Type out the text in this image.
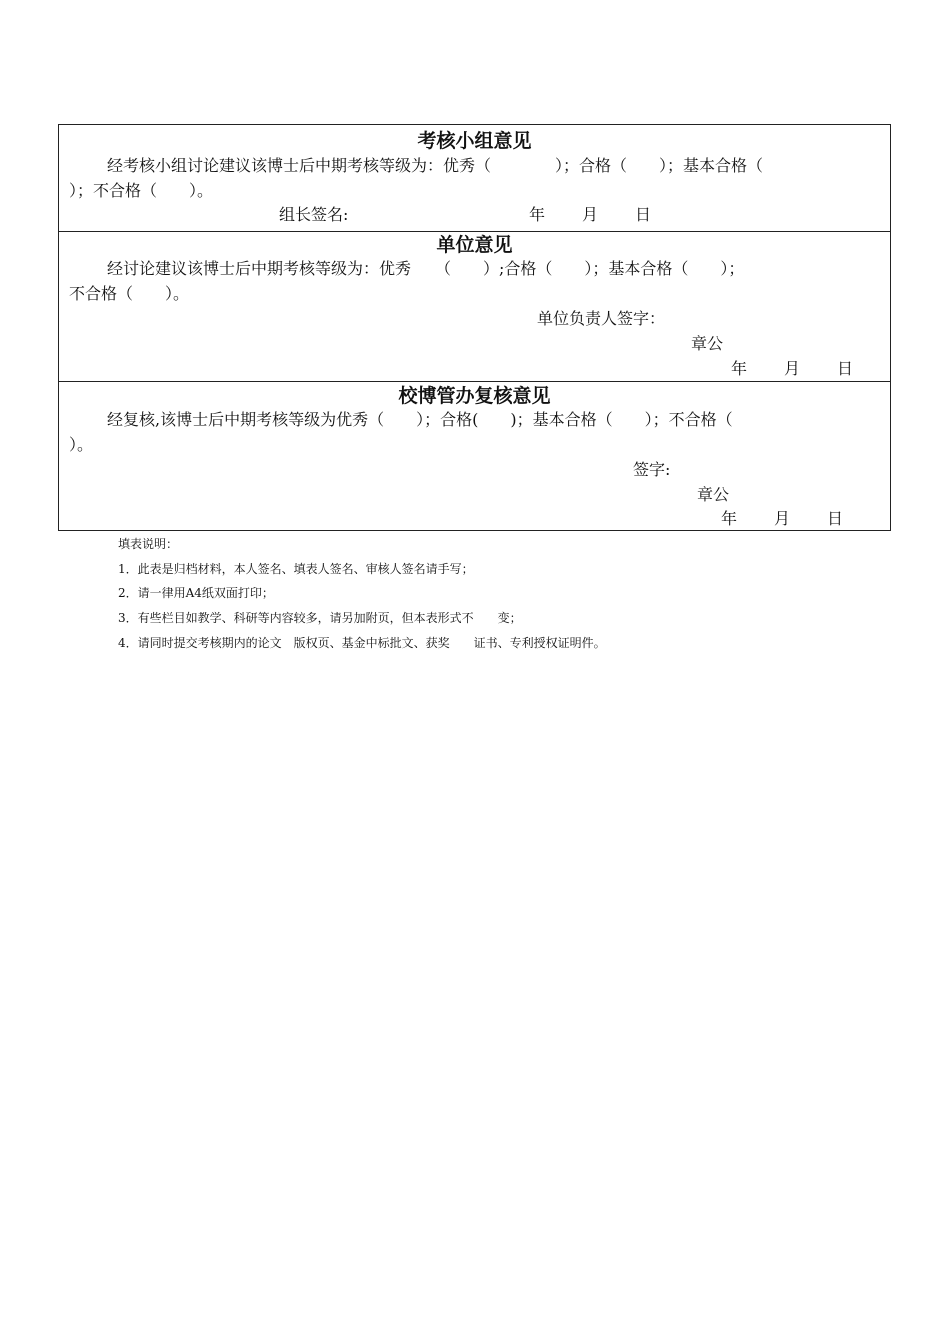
考核小组意见
经考核小组讨论建议该博士后中期考核等级为：优秀（　　　　）；合格（　　）；基本合格（
）；不合格（　　）。
组长签名:	年 月 日
单位意见
经讨论建议该博士后中期考核等级为：优秀　　（　　）;合格（　　）；基本合格（　　）；
不合格（　　）。
单位负责人签字：
章公
年 月 日
校博管办复核意见
经复核,该博士后中期考核等级为优秀（　　）；合格(　　)；基本合格（　　）；不合格（
）。
签字:
章公
年 月 日
填表说明：
1．此表是归档材料，本人签名、填表人签名、审核人签名请手写；
2．请一律用A4纸双面打印；
3．有些栏目如教学、科研等内容较多，请另加附页，但本表形式不　　变；
4．请同时提交考核期内的论文　版权页、基金中标批文、获奖　　证书、专利授权证明件。
